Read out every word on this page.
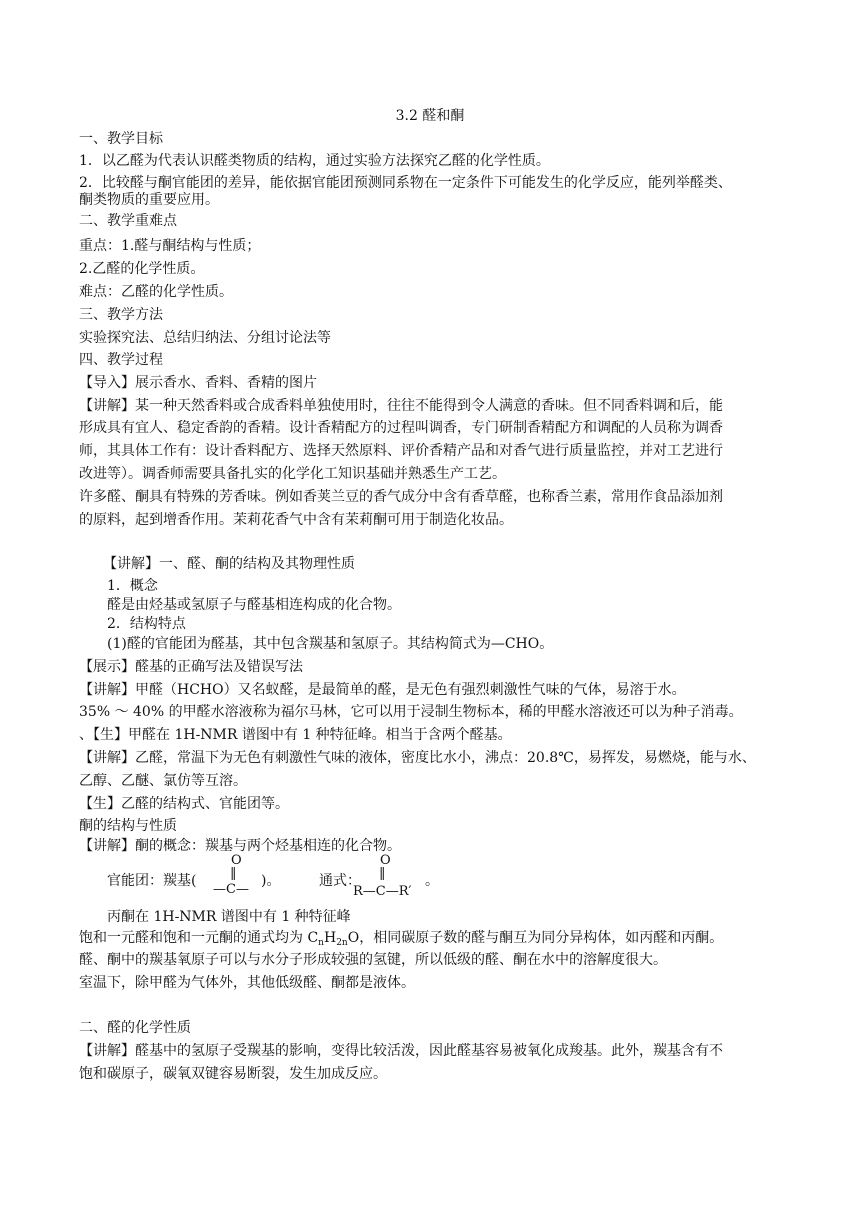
3.2 醛和酮
一、教学目标
1．以乙醛为代表认识醛类物质的结构，通过实验方法探究乙醛的化学性质。
2．比较醛与酮官能团的差异，能依据官能团预测同系物在一定条件下可能发生的化学反应，能列举醛类、
酮类物质的重要应用。
二、教学重难点
重点：1.醛与酮结构与性质；
2.乙醛的化学性质。
难点：乙醛的化学性质。
三、教学方法
实验探究法、总结归纳法、分组讨论法等
四、教学过程
【导入】展示香水、香料、香精的图片
【讲解】某一种天然香料或合成香料单独使用时，往往不能得到令人满意的香味。但不同香料调和后，能
形成具有宜人、稳定香韵的香精。设计香精配方的过程叫调香，专门研制香精配方和调配的人员称为调香
师，其具体工作有：设计香料配方、选择天然原料、评价香精产品和对香气进行质量监控，并对工艺进行
改进等）。调香师需要具备扎实的化学化工知识基础并熟悉生产工艺。
许多醛、酮具有特殊的芳香味。例如香荚兰豆的香气成分中含有香草醛，也称香兰素，常用作食品添加剂
的原料，起到增香作用。茉莉花香气中含有茉莉酮可用于制造化妆品。
【讲解】一、醛、酮的结构及其物理性质
1．概念
醛是由烃基或氢原子与醛基相连构成的化合物。
2．结构特点
(1)醛的官能团为醛基，其中包含羰基和氢原子。其结构简式为—CHO。
【展示】醛基的正确写法及错误写法
【讲解】甲醛（HCHO）又名蚁醛，是最简单的醛，是无色有强烈刺激性气味的气体，易溶于水。
35% ～ 40% 的甲醛水溶液称为福尔马林，它可以用于浸制生物标本，稀的甲醛水溶液还可以为种子消毒。
、【生】甲醛在 1H-NMR 谱图中有 1 种特征峰。相当于含两个醛基。
【讲解】乙醛，常温下为无色有刺激性气味的液体，密度比水小，沸点：20.8℃，易挥发，易燃烧，能与水、
乙醇、乙醚、氯仿等互溶。
【生】乙醛的结构式、官能团等。
酮的结构与性质
【讲解】酮的概念：羰基与两个烃基相连的化合物。
官能团：羰基(
O
‖
—C—
)。	通式：
O
‖
R—C—R′
。
丙酮在 1H-NMR 谱图中有 1 种特征峰
饱和一元醛和饱和一元酮的通式均为 $C_nH_{2n}O$，相同碳原子数的醛与酮互为同分异构体，如丙醛和丙酮。
醛、酮中的羰基氧原子可以与水分子形成较强的氢键，所以低级的醛、酮在水中的溶解度很大。
室温下，除甲醛为气体外，其他低级醛、酮都是液体。
二、醛的化学性质
【讲解】醛基中的氢原子受羰基的影响，变得比较活泼，因此醛基容易被氧化成羧基。此外，羰基含有不
饱和碳原子，碳氧双键容易断裂，发生加成反应。
